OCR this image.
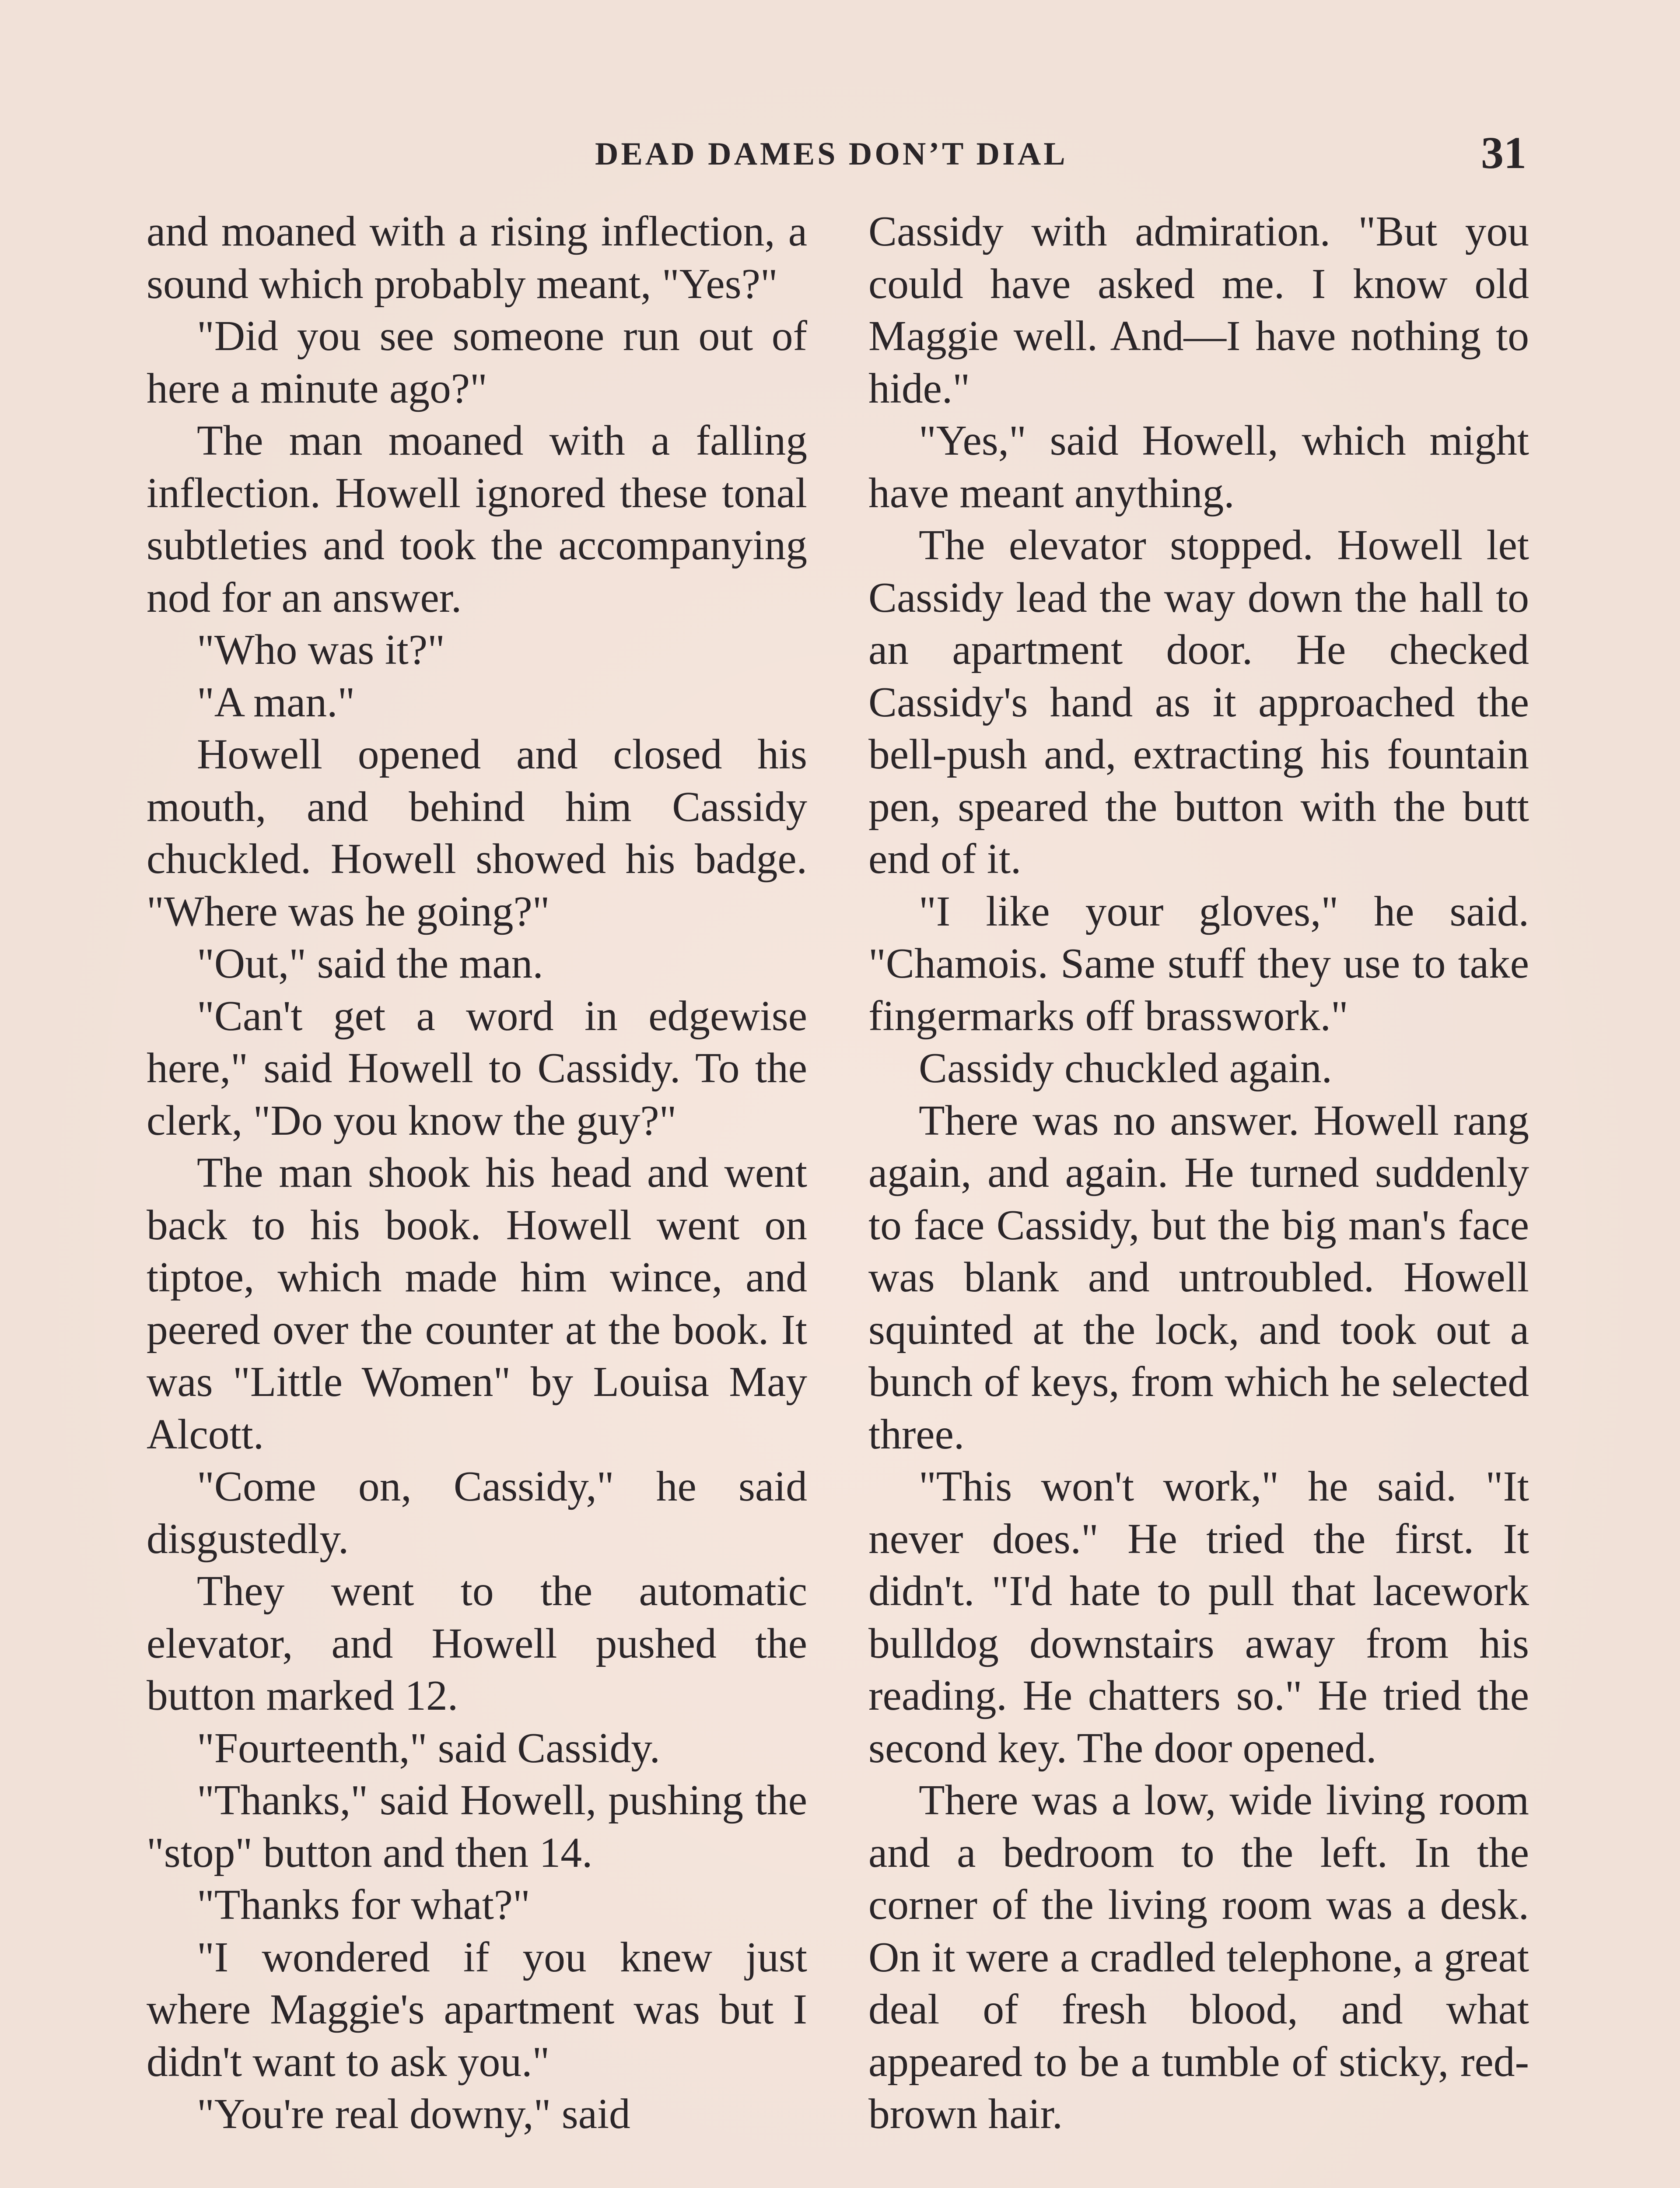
DEAD DAMES DON’T DIAL	31

and moaned with a rising inflection, a sound which probably meant, "Yes?"

"Did you see someone run out of here a minute ago?"

The man moaned with a falling inflection. Howell ignored these tonal subtleties and took the accompanying nod for an answer.

"Who was it?"

"A man."

Howell opened and closed his mouth, and behind him Cassidy chuckled. Howell showed his badge. "Where was he going?"

"Out," said the man.

"Can't get a word in edgewise here," said Howell to Cassidy. To the clerk, "Do you know the guy?"

The man shook his head and went back to his book. Howell went on tiptoe, which made him wince, and peered over the counter at the book. It was "Little Women" by Louisa May Alcott.

"Come on, Cassidy," he said disgustedly.

They went to the automatic elevator, and Howell pushed the button marked 12.

"Fourteenth," said Cassidy.

"Thanks," said Howell, pushing the "stop" button and then 14.

"Thanks for what?"

"I wondered if you knew just where Maggie's apartment was but I didn't want to ask you."

"You're real downy," said

Cassidy with admiration. "But you could have asked me. I know old Maggie well. And—I have nothing to hide."

"Yes," said Howell, which might have meant anything.

The elevator stopped. Howell let Cassidy lead the way down the hall to an apartment door. He checked Cassidy's hand as it approached the bell-push and, extracting his fountain pen, speared the button with the butt end of it.

"I like your gloves," he said. "Chamois. Same stuff they use to take fingermarks off brasswork."

Cassidy chuckled again.

There was no answer. Howell rang again, and again. He turned suddenly to face Cassidy, but the big man's face was blank and untroubled. Howell squinted at the lock, and took out a bunch of keys, from which he selected three.

"This won't work," he said. "It never does." He tried the first. It didn't. "I'd hate to pull that lacework bulldog downstairs away from his reading. He chatters so." He tried the second key. The door opened.

There was a low, wide living room and a bedroom to the left. In the corner of the living room was a desk. On it were a cradled telephone, a great deal of fresh blood, and what appeared to be a tumble of sticky, red-brown hair.
